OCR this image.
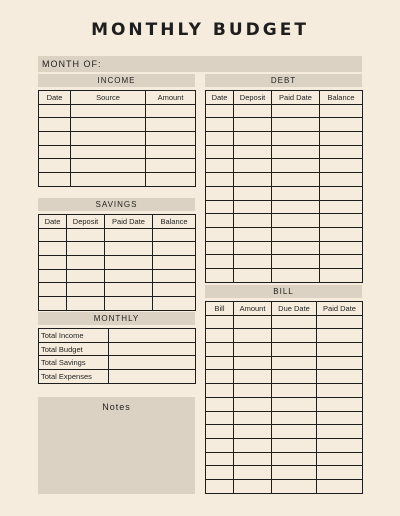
MONTHLY BUDGET
MONTH OF:
INCOME
Date	Source	Amount

SAVINGS
Date	Deposit	Paid Date	Balance

MONTHLY
Total Income	
Total Budget	
Total Savings	
Total Expenses	
Notes
DEBT
Date	Deposit	Paid Date	Balance

BILL
Bill	Amount	Due Date	Paid Date
